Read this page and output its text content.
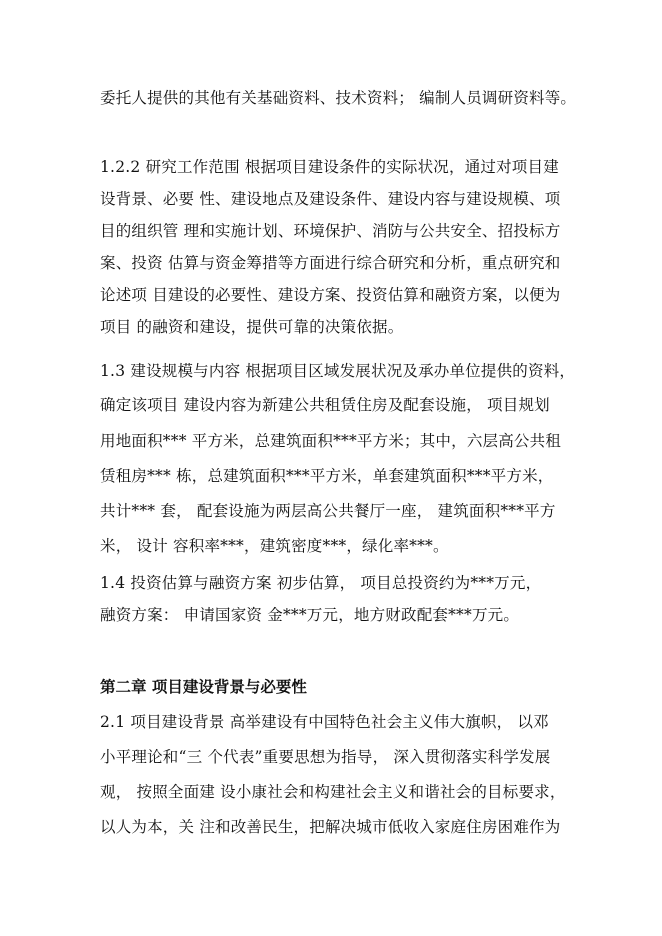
委托人提供的其他有关基础资料、技术资料； 编制人员调研资料等。
1.2.2 研究工作范围 根据项目建设条件的实际状况，通过对项目建
设背景、必要 性、建设地点及建设条件、建设内容与建设规模、项
目的组织管 理和实施计划、环境保护、消防与公共安全、招投标方
案、投资 估算与资金筹措等方面进行综合研究和分析，重点研究和
论述项 目建设的必要性、建设方案、投资估算和融资方案，以便为
项目 的融资和建设，提供可靠的决策依据。
1.3 建设规模与内容 根据项目区域发展状况及承办单位提供的资料，
确定该项目 建设内容为新建公共租赁住房及配套设施， 项目规划
用地面积*** 平方米，总建筑面积***平方米；其中，六层高公共租
赁租房*** 栋，总建筑面积***平方米，单套建筑面积***平方米，
共计*** 套， 配套设施为两层高公共餐厅一座， 建筑面积***平方
米， 设计 容积率***，建筑密度***，绿化率***。
1.4 投资估算与融资方案 初步估算， 项目总投资约为***万元，
融资方案： 申请国家资 金***万元，地方财政配套***万元。
第二章 项目建设背景与必要性
2.1 项目建设背景 高举建设有中国特色社会主义伟大旗帜， 以邓
小平理论和“三 个代表”重要思想为指导， 深入贯彻落实科学发展
观， 按照全面建 设小康社会和构建社会主义和谐社会的目标要求，
以人为本，关 注和改善民生，把解决城市低收入家庭住房困难作为
